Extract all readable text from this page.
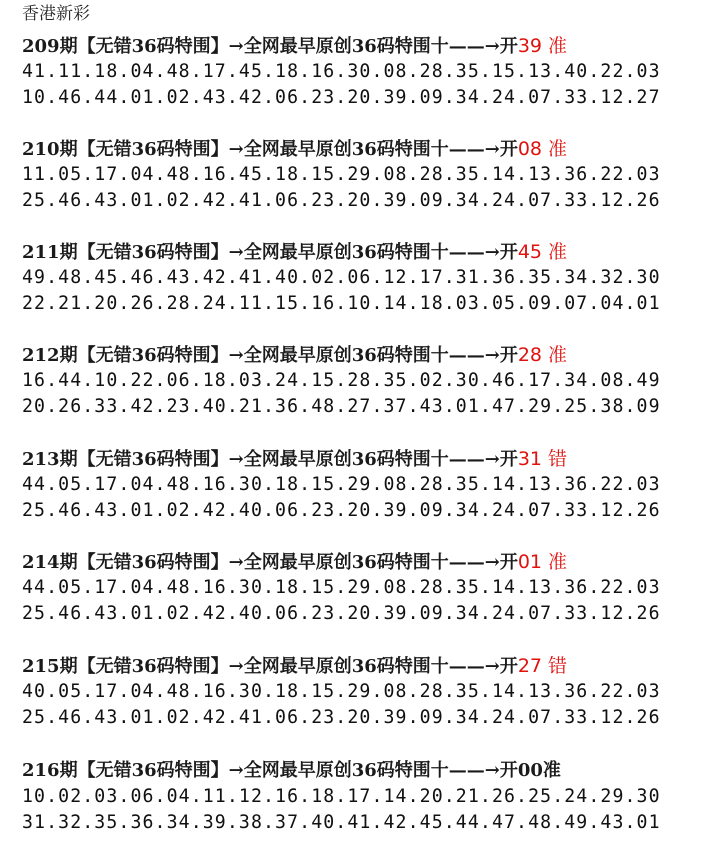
香港新彩
209期【无错36码特围】→全网最早原创36码特围十——→开39 准
41.11.18.04.48.17.45.18.16.30.08.28.35.15.13.40.22.03
10.46.44.01.02.43.42.06.23.20.39.09.34.24.07.33.12.27
210期【无错36码特围】→全网最早原创36码特围十——→开08 准
11.05.17.04.48.16.45.18.15.29.08.28.35.14.13.36.22.03
25.46.43.01.02.42.41.06.23.20.39.09.34.24.07.33.12.26
211期【无错36码特围】→全网最早原创36码特围十——→开45 准
49.48.45.46.43.42.41.40.02.06.12.17.31.36.35.34.32.30
22.21.20.26.28.24.11.15.16.10.14.18.03.05.09.07.04.01
212期【无错36码特围】→全网最早原创36码特围十——→开28 准
16.44.10.22.06.18.03.24.15.28.35.02.30.46.17.34.08.49
20.26.33.42.23.40.21.36.48.27.37.43.01.47.29.25.38.09
213期【无错36码特围】→全网最早原创36码特围十——→开31 错
44.05.17.04.48.16.30.18.15.29.08.28.35.14.13.36.22.03
25.46.43.01.02.42.40.06.23.20.39.09.34.24.07.33.12.26
214期【无错36码特围】→全网最早原创36码特围十——→开01 准
44.05.17.04.48.16.30.18.15.29.08.28.35.14.13.36.22.03
25.46.43.01.02.42.40.06.23.20.39.09.34.24.07.33.12.26
215期【无错36码特围】→全网最早原创36码特围十——→开27 错
40.05.17.04.48.16.30.18.15.29.08.28.35.14.13.36.22.03
25.46.43.01.02.42.41.06.23.20.39.09.34.24.07.33.12.26
216期【无错36码特围】→全网最早原创36码特围十——→开00准
10.02.03.06.04.11.12.16.18.17.14.20.21.26.25.24.29.30
31.32.35.36.34.39.38.37.40.41.42.45.44.47.48.49.43.01
